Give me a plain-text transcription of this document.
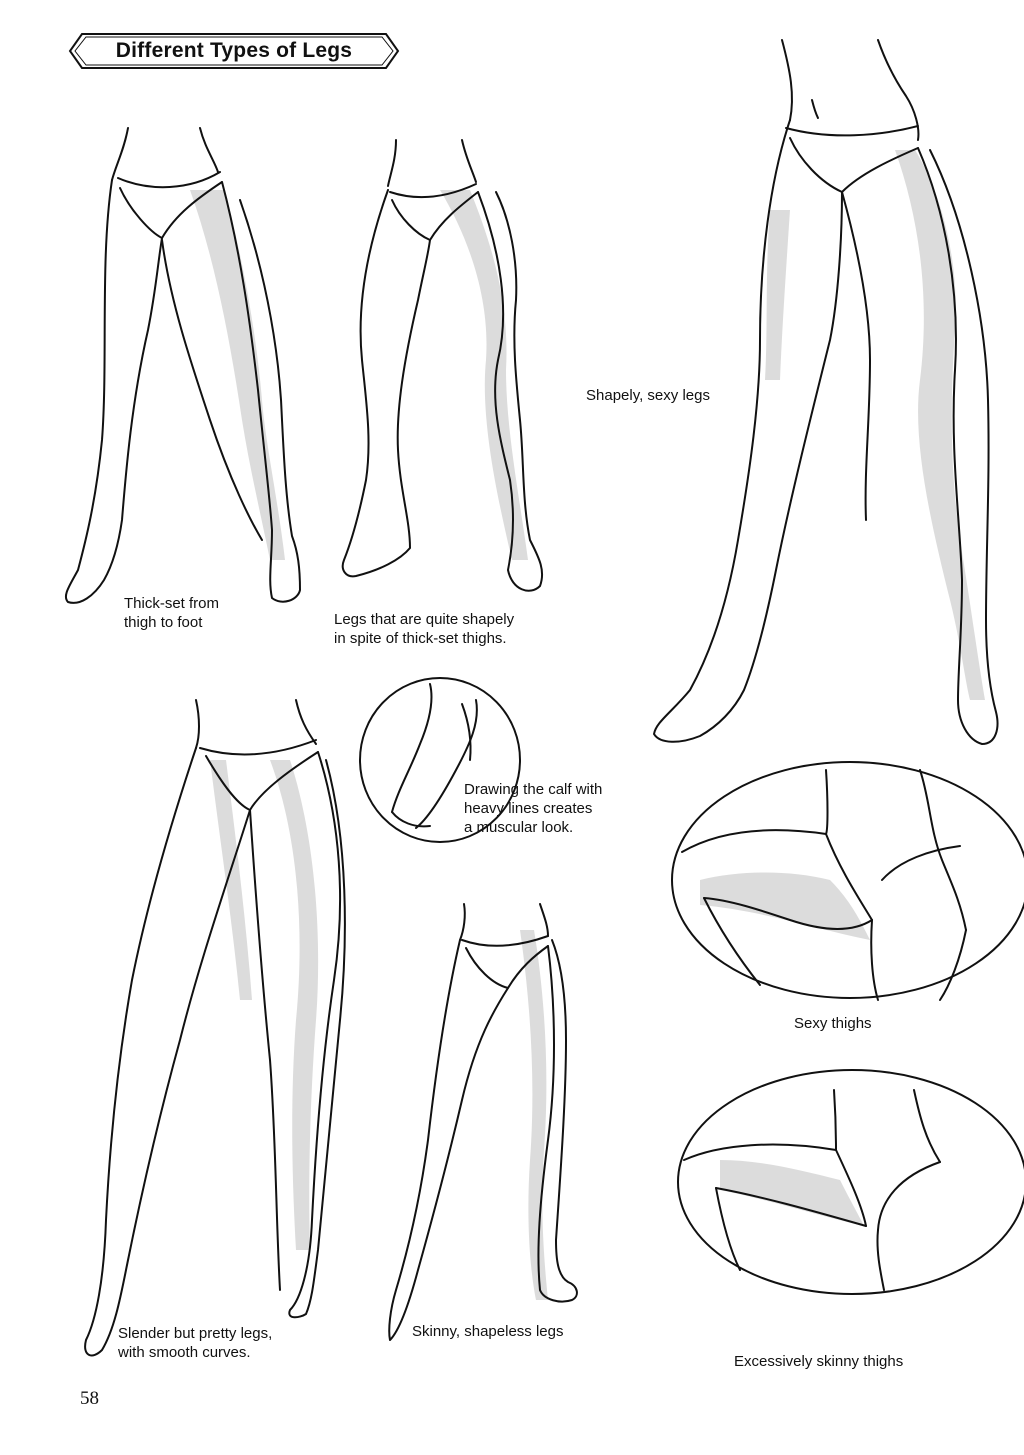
Different Types of Legs
Thick-set from
thigh to foot	Legs that are quite shapely
in spite of thick-set thighs.
Shapely, sexy legs
Drawing the calf with
heavy lines creates
a muscular look.
Sexy thighs
Slender but pretty legs,
with smooth curves.
Skinny, shapeless legs
Excessively skinny thighs
58
